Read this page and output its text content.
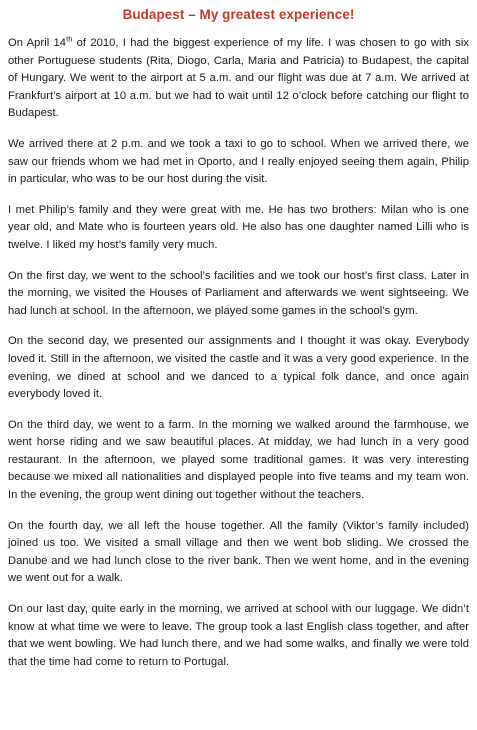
Budapest – My greatest experience!

On April 14th of 2010, I had the biggest experience of my life. I was chosen to go with six other Portuguese students (Rita, Diogo, Carla, Maria and Patricia) to Budapest, the capital of Hungary. We went to the airport at 5 a.m. and our flight was due at 7 a.m. We arrived at Frankfurt’s airport at 10 a.m. but we had to wait until 12 o’clock before catching our flight to Budapest.

We arrived there at 2 p.m. and we took a taxi to go to school. When we arrived there, we saw our friends whom we had met in Oporto, and I really enjoyed seeing them again, Philip in particular, who was to be our host during the visit.

I met Philip’s family and they were great with me. He has two brothers: Milan who is one year old, and Mate who is fourteen years old. He also has one daughter named Lilli who is twelve. I liked my host’s family very much.

On the first day, we went to the school’s facilities and we took our host’s first class. Later in the morning, we visited the Houses of Parliament and afterwards we went sightseeing. We had lunch at school. In the afternoon, we played some games in the school’s gym.

On the second day, we presented our assignments and I thought it was okay. Everybody loved it. Still in the afternoon, we visited the castle and it was a very good experience. In the evening, we dined at school and we danced to a typical folk dance, and once again everybody loved it.

On the third day, we went to a farm. In the morning we walked around the farmhouse, we went horse riding and we saw beautiful places. At midday, we had lunch in a very good restaurant. In the afternoon, we played some traditional games. It was very interesting because we mixed all nationalities and displayed people into five teams and my team won. In the evening, the group went dining out together without the teachers.

On the fourth day, we all left the house together. All the family (Viktor’s family included) joined us too. We visited a small village and then we went bob sliding. We crossed the Danube and we had lunch close to the river bank. Then we went home, and in the evening we went out for a walk.

On our last day, quite early in the morning, we arrived at school with our luggage. We didn’t know at what time we were to leave. The group took a last English class together, and after that we went bowling. We had lunch there, and we had some walks, and finally we were told that the time had come to return to Portugal.
